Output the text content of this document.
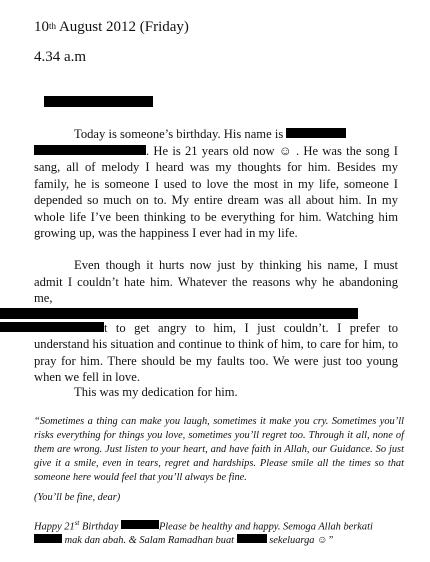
10th August 2012 (Friday)
4.34 a.m
Today is someone’s birthday. His name is
. He is 21 years old now ☺ . He was the song I sang, all of melody I heard was my thoughts for him. Besides my family, he is someone I used to love the most in my life, someone I depended so much on to. My entire dream was all about him. In my whole life I’ve been thinking to be everything for him. Watching him growing up, was the happiness I ever had in my life.
Even though it hurts now just by thinking his name, I must admit I couldn’t hate him. Whatever the reasons why he abandoning me,
t to get angry to him, I just couldn’t. I prefer to understand his situation and continue to think of him, to care for him, to pray for him. There should be my faults too. We were just too young when we fell in love.
This was my dedication for him.
“Sometimes a thing can make you laugh, sometimes it make you cry. Sometimes you’ll risks everything for things you love, sometimes you’ll regret too. Through it all, none of them are wrong. Just listen to your heart, and have faith in Allah, our Guidance. So just give it a smile, even in tears, regret and hardships. Please smile all the times so that someone here would feel that you’ll always be fine.
(You’ll be fine, dear)
Happy 21st Birthday	Please be healthy and happy. Semoga Allah berkati
mak dan abah. & Salam Ramadhan buat	sekeluarga ☺”
